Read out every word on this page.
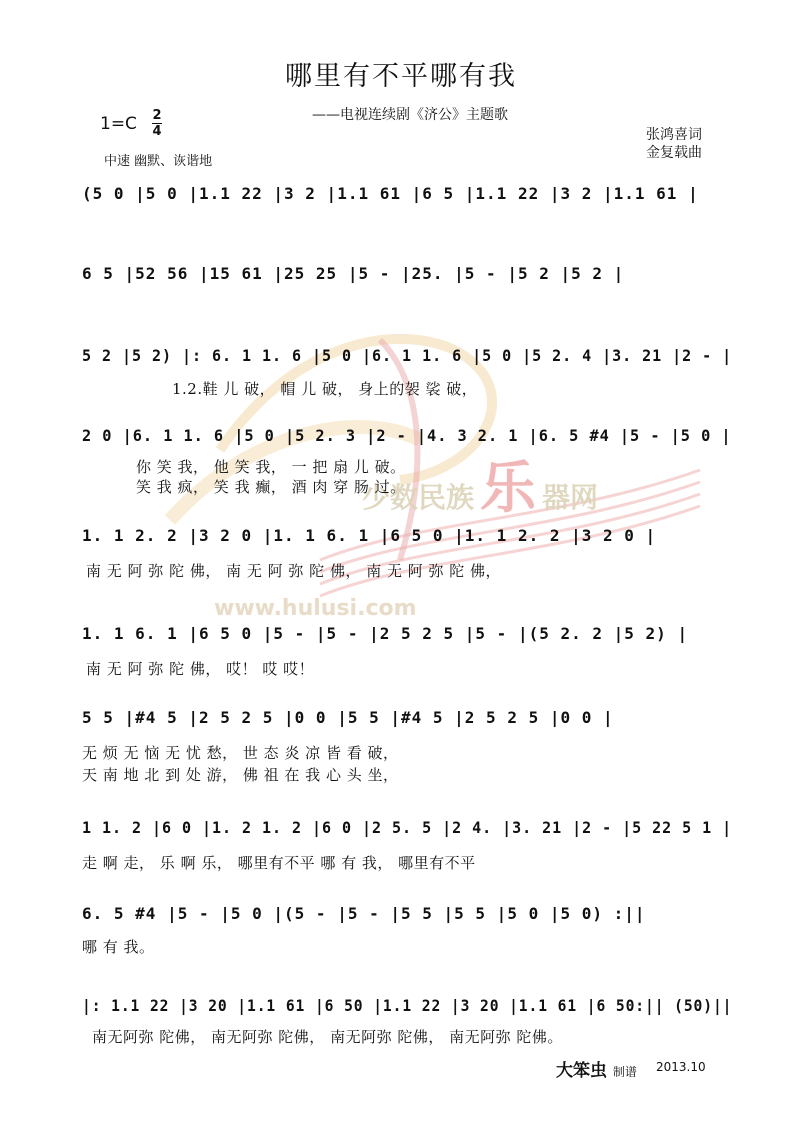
少数民族 乐 器网
www.hulusi.com
哪里有不平哪有我
——电视连续剧《济公》主题歌
1=C 2
4	张鸿喜词
金复载曲
中速 幽默、诙谐地
(5 0 |5 0 |1.1 22 |3 2 |1.1 61 |6 5 |1.1 22 |3 2 |1.1 61 |
6 5 |52 56 |15 61 |25 25 |5 - |25. |5 - |5 2 |5 2 |
5 2 |5 2) |: 6. 1 1. 6 |5 0 |6. 1 1. 6 |5 0 |5 2. 4 |3. 21 |2 - |
1.2.鞋 儿 破， 帽 儿 破， 身上的袈 裟 破，
2 0 |6. 1 1. 6 |5 0 |5 2. 3 |2 - |4. 3 2. 1 |6. 5 #4 |5 - |5 0 |
你 笑 我， 他 笑 我， 一 把 扇 儿 破。
笑 我 疯， 笑 我 癫， 酒 肉 穿 肠 过。
1. 1 2. 2 |3 2 0 |1. 1 6. 1 |6 5 0 |1. 1 2. 2 |3 2 0 |
南 无 阿 弥 陀 佛， 南 无 阿 弥 陀 佛， 南 无 阿 弥 陀 佛，
1. 1 6. 1 |6 5 0 |5 - |5 - |2 5 2 5 |5 - |(5 2. 2 |5 2) |
南 无 阿 弥 陀 佛， 哎！ 哎 哎！
5 5 |#4 5 |2 5 2 5 |0 0 |5 5 |#4 5 |2 5 2 5 |0 0 |
无 烦 无 恼 无 忧 愁， 世 态 炎 凉 皆 看 破，
天 南 地 北 到 处 游， 佛 祖 在 我 心 头 坐，
1 1. 2 |6 0 |1. 2 1. 2 |6 0 |2 5. 5 |2 4. |3. 21 |2 - |5 22 5 1 |
走 啊 走， 乐 啊 乐， 哪里有不平 哪 有 我， 哪里有不平
6. 5 #4 |5 - |5 0 |(5 - |5 - |5 5 |5 5 |5 0 |5 0) :||
哪 有 我。
|: 1.1 22 |3 20 |1.1 61 |6 50 |1.1 22 |3 20 |1.1 61 |6 50:|| (50)||
南无阿弥 陀佛， 南无阿弥 陀佛， 南无阿弥 陀佛， 南无阿弥 陀佛。
大笨虫 制谱 2013.10
